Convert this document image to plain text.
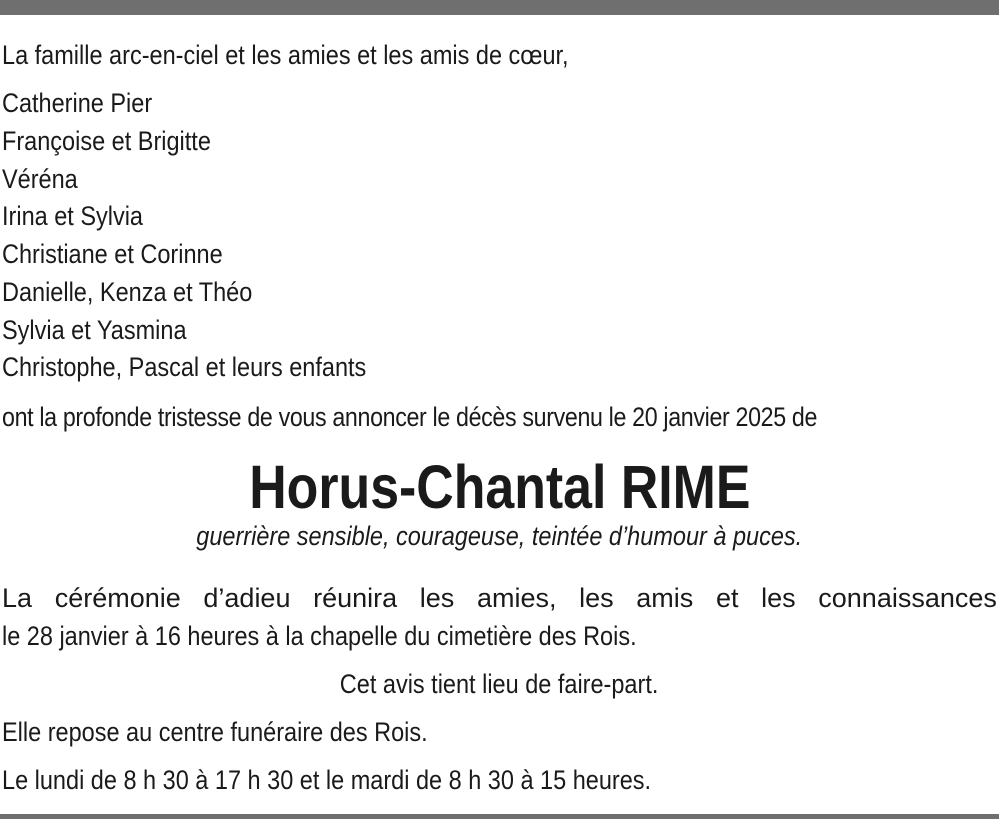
La famille arc-en-ciel et les amies et les amis de cœur,
Catherine Pier
Françoise et Brigitte
Véréna
Irina et Sylvia
Christiane et Corinne
Danielle, Kenza et Théo
Sylvia et Yasmina
Christophe, Pascal et leurs enfants
ont la profonde tristesse de vous annoncer le décès survenu le 20 janvier 2025 de
Horus-Chantal RIME
guerrière sensible, courageuse, teintée d’humour à puces.
La cérémonie d’adieu réunira les amies, les amis et les connaissances
le 28 janvier à 16 heures à la chapelle du cimetière des Rois.
Cet avis tient lieu de faire-part.
Elle repose au centre funéraire des Rois.
Le lundi de 8 h 30 à 17 h 30 et le mardi de 8 h 30 à 15 heures.
